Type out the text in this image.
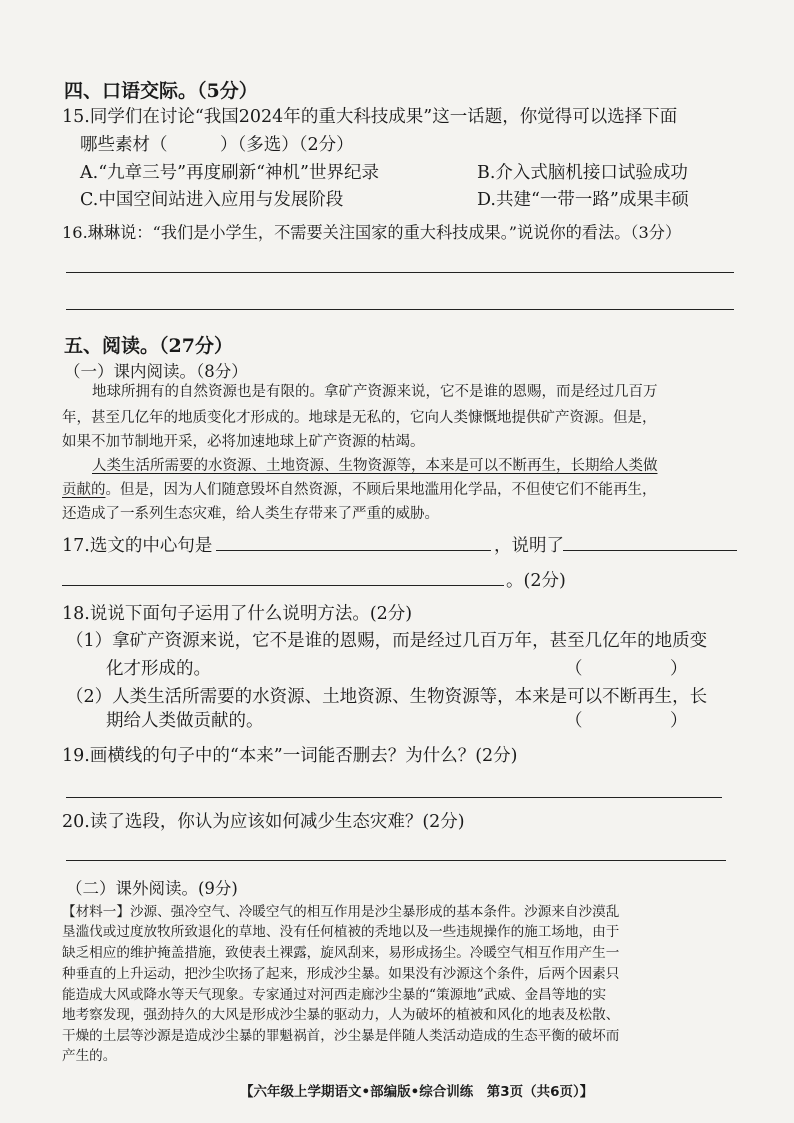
四、口语交际。（5分）
15.同学们在讨论“我国2024年的重大科技成果”这一话题，你觉得可以选择下面
哪些素材（　　　）（多选）（2分）
A.“九章三号”再度刷新“神机”世界纪录	B.介入式脑机接口试验成功
C.中国空间站进入应用与发展阶段	D.共建“一带一路”成果丰硕
16.琳琳说：“我们是小学生，不需要关注国家的重大科技成果。”说说你的看法。（3分）
五、阅读。（27分）
（一）课内阅读。（8分）
地球所拥有的自然资源也是有限的。拿矿产资源来说，它不是谁的恩赐，而是经过几百万
年，甚至几亿年的地质变化才形成的。地球是无私的，它向人类慷慨地提供矿产资源。但是，
如果不加节制地开采，必将加速地球上矿产资源的枯竭。
人类生活所需要的水资源、土地资源、生物资源等，本来是可以不断再生，长期给人类做
贡献的。但是，因为人们随意毁坏自然资源，不顾后果地滥用化学品，不但使它们不能再生，
还造成了一系列生态灾难，给人类生存带来了严重的威胁。
17.选文的中心句是	，说明了
。(2分)
18.说说下面句子运用了什么说明方法。(2分)
（1）拿矿产资源来说，它不是谁的恩赐，而是经过几百万年，甚至几亿年的地质变
化才形成的。	（　　　　　）
（2）人类生活所需要的水资源、土地资源、生物资源等，本来是可以不断再生，长
期给人类做贡献的。	（　　　　　）
19.画横线的句子中的“本来”一词能否删去？为什么？(2分)
20.读了选段，你认为应该如何减少生态灾难？(2分)
（二）课外阅读。(9分)
【材料一】沙源、强冷空气、冷暖空气的相互作用是沙尘暴形成的基本条件。沙源来自沙漠乱
垦滥伐或过度放牧所致退化的草地、没有任何植被的秃地以及一些违规操作的施工场地，由于
缺乏相应的维护掩盖措施，致使表土裸露，旋风刮来，易形成扬尘。冷暖空气相互作用产生一
种垂直的上升运动，把沙尘吹扬了起来，形成沙尘暴。如果没有沙源这个条件，后两个因素只
能造成大风或降水等天气现象。专家通过对河西走廊沙尘暴的“策源地”武威、金昌等地的实
地考察发现，强劲持久的大风是形成沙尘暴的驱动力，人为破坏的植被和风化的地表及松散、
干燥的土层等沙源是造成沙尘暴的罪魁祸首，沙尘暴是伴随人类活动造成的生态平衡的破坏而
产生的。
【六年级上学期语文•部编版•综合训练　第3页（共6页）】
